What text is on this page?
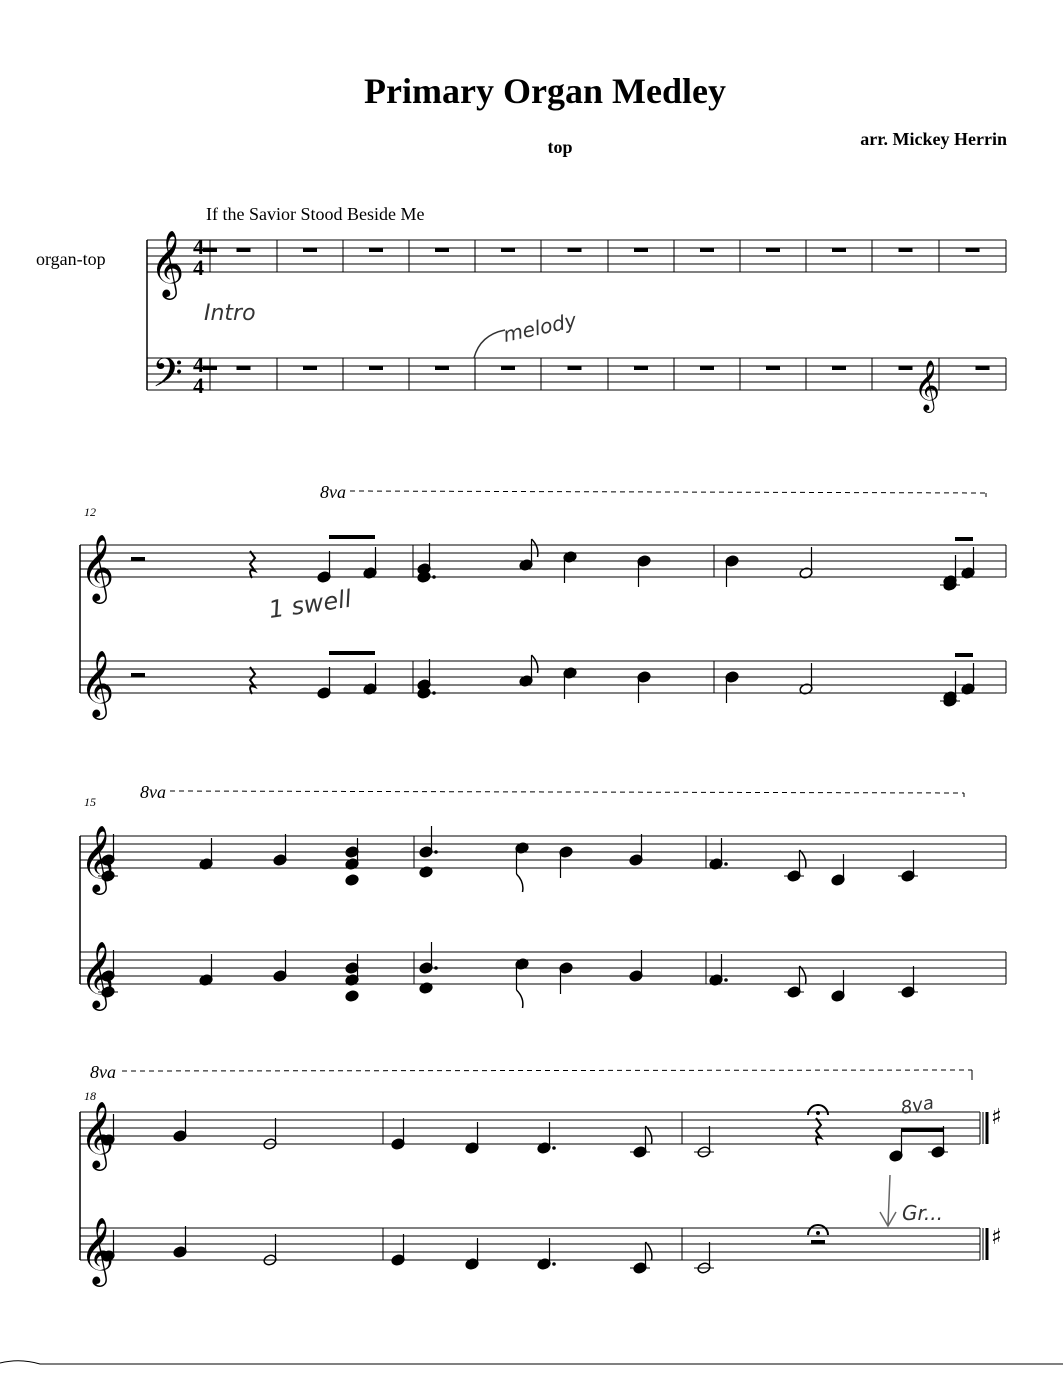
Primary Organ Medley
top	arr. Mickey Herrin
If the Savior Stood Beside Me
organ-top 𝄞
𝄢	𝄞
𝄞
𝄞
𝄞
𝄞
𝄞
𝄞
4
4
4
4
12
15
18
8va
8va
8va
♯
♯
Intro	melody
1 swell
8va
Gr...
